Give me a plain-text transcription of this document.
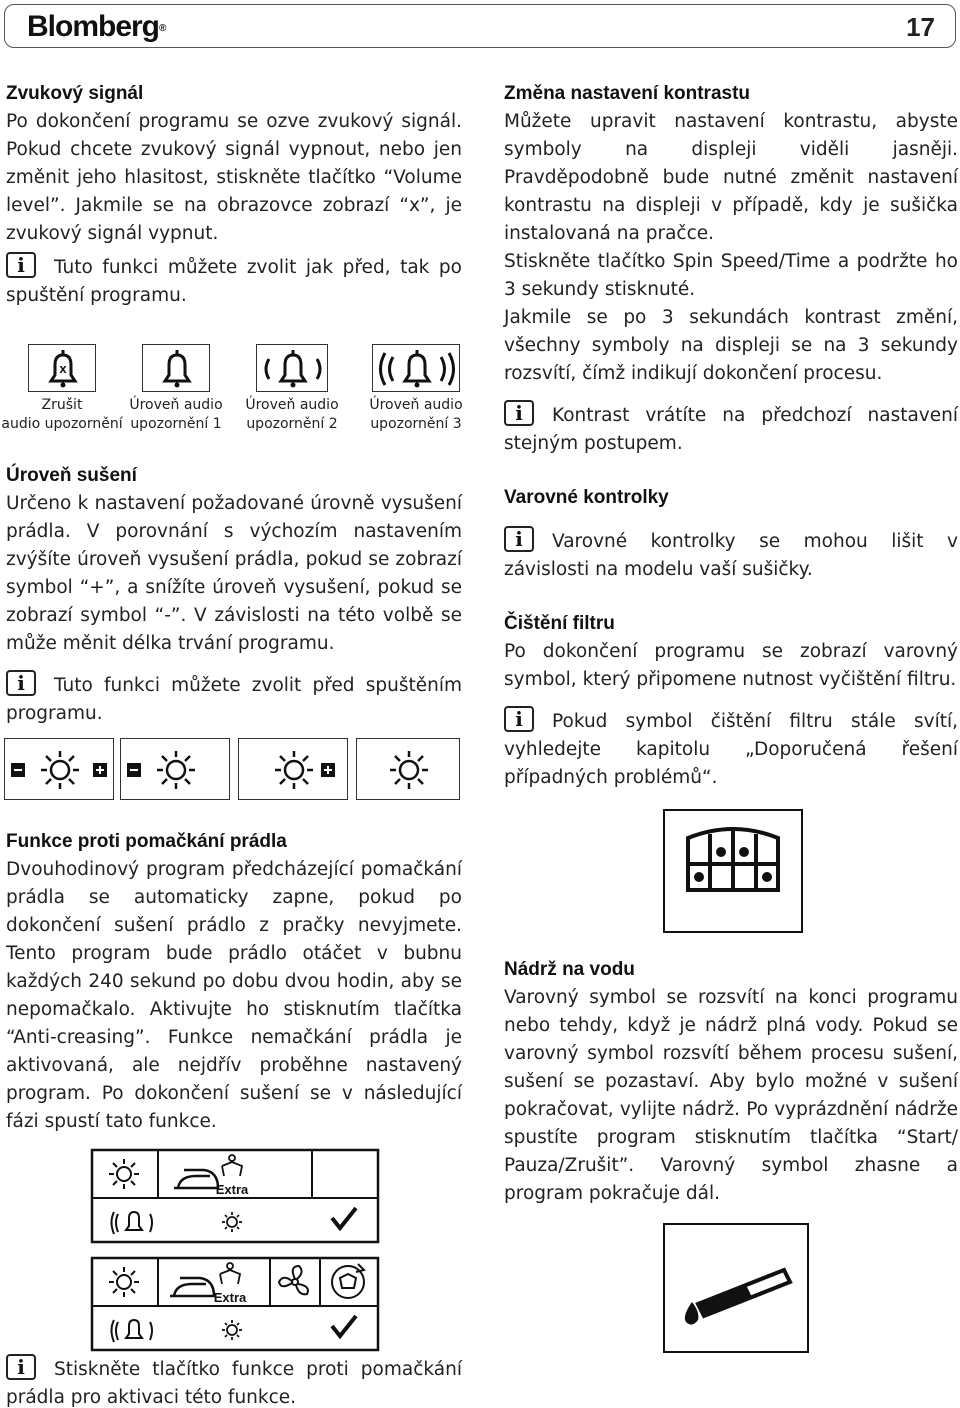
Blomberg®	17
Zvukový signál

Po dokončení programu se ozve zvukový signál. Pokud chcete zvukový signál vypnout, nebo jen změnit jeho hlasitost, stiskněte tlačítko “Volume level”. Jakmile se na obrazovce zobrazí “x”, je zvukový signál vypnut.

iTuto funkci můžete zvolit jak před, tak po spuštění programu.

x
Zrušit
audio upozornění
Úroveň audio
upozornění 1
Úroveň audio
upozornění 2
Úroveň audio
upozornění 3
Úroveň sušení

Určeno k nastavení požadované úrovně vysušení prádla. V porovnání s výchozím nastavením zvýšíte úroveň vysušení prádla, pokud se zobrazí symbol “+”, a snížíte úroveň vysušení, pokud se zobrazí symbol “-”. V závislosti na této volbě se může měnit délka trvání programu.

iTuto funkci můžete zvolit před spuštěním programu.

Funkce proti pomačkání prádla

Dvouhodinový program předcházející pomačkání prádla se automaticky zapne, pokud po dokončení sušení prádlo z pračky nevyjmete. Tento program bude prádlo otáčet v bubnu každých 240 sekund po dobu dvou hodin, aby se nepomačkalo. Aktivujte ho stisknutím tlačítka “Anti-creasing”. Funkce nemačkání prádla je aktivovaná, ale nejdřív proběhne nastavený program. Po dokončení sušení se v následující fázi spustí tato funkce.

Extra
Extra

iStiskněte tlačítko funkce proti pomačkání prádla pro aktivaci této funkce.

Změna nastavení kontrastu

Můžete upravit nastavení kontrastu, abyste symboly na displeji viděli jasněji. Pravděpodobně bude nutné změnit nastavení kontrastu na displeji v případě, kdy je sušička instalovaná na pračce.

Stiskněte tlačítko Spin Speed/Time a podržte ho 3 sekundy stisknuté.

Jakmile se po 3 sekundách kontrast změní, všechny symboly na displeji se na 3 sekundy rozsvítí, čímž indikují dokončení procesu.

iKontrast vrátíte na předchozí nastavení stejným postupem.

Varovné kontrolky

iVarovné kontrolky se mohou lišit v závislosti na modelu vaší sušičky.

Čištění filtru

Po dokončení programu se zobrazí varovný symbol, který připomene nutnost vyčištění filtru.

iPokud symbol čištění filtru stále svítí, vyhledejte kapitolu „Doporučená řešení případných problémů“.

Nádrž na vodu

Varovný symbol se rozsvítí na konci programu nebo tehdy, když je nádrž plná vody. Pokud se varovný symbol rozsvítí během procesu sušení, sušení se pozastaví. Aby bylo možné v sušení pokračovat, vylijte nádrž. Po vyprázdnění nádrže spustíte program stisknutím tlačítka “Start/ Pauza/Zrušit”. Varovný symbol zhasne a program pokračuje dál.
